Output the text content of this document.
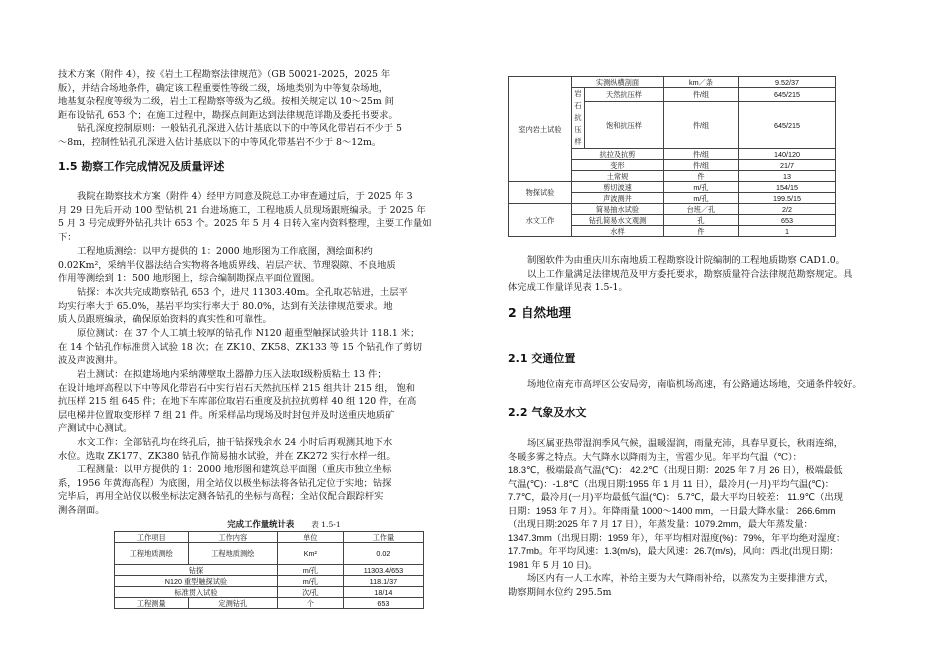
技术方案（附件 4），按《岩土工程勘察法律规范》（GB 50021-2025，2025 年

版），并结合场地条件，确定该工程重要性等级二级，场地类别为中等复杂场地，

地基复杂程度等级为二级，岩土工程勘察等级为乙级。按相关规定以 10～25m 间

距布设钻孔 653 个；在施工过程中，勘探点间距达到法律规范详勘及委托书要求。

钻孔深度控制原则：一般钻孔孔深进入估计基底以下的中等风化带岩石不少于 5

～8m，控制性钻孔孔深进入估计基底以下的中等风化带基岩不少于 8～12m。

1.5 勘察工作完成情况及质量评述

我院在勘察技术方案（附件 4）经甲方同意及院总工办审查通过后，于 2025 年 3

月 29 日先后开动 100 型钻机 21 台进场施工，工程地质人员现场跟班编录。于 2025 年

5 月 3 号完成野外钻孔共计 653 个。2025 年 5 月 4 日转入室内资料整理，主要工作量如

下：

工程地质测绘：以甲方提供的 1：2000 地形图为工作底图，测绘面积约

0.02Km²，采纳半仪器法结合实物将各地质界线、岩层产状、节理裂隙、不良地质

作用等测绘到 1：500 地形图上，综合编制勘探点平面位置图。

钻探：本次共完成勘察钻孔 653 个，进尺 11303.40m。全孔取芯钻进，土层平

均实行率大于 65.0%，基岩平均实行率大于 80.0%，达到有关法律规范要求。地

质人员跟班编录，确保原始资料的真实性和可靠性。

原位测试：在 37 个人工填土较厚的钻孔作 N120 超重型触探试验共计 118.1 米；

在 14 个钻孔作标准贯入试验 18 次；在 ZK10、ZK58、ZK133 等 15 个钻孔作了剪切

波及声波测井。

岩土测试：在拟建场地内采纳薄壁取土器静力压入法取Ⅰ级粉质粘土 13 件；

在设计地坪高程以下中等风化带岩石中实行岩石天然抗压样 215 组共计 215 组， 饱和

抗压样 215 组 645 件；在地下车库部位取岩石重度及抗拉抗剪样 40 组 120 件，在高

层电梯井位置取变形样 7 组 21 件。所采样品均现场及时封包并及时送重庆地质矿

产测试中心测试。

水文工作：全部钻孔均在终孔后，抽干钻探残余水 24 小时后再观测其地下水

水位。选取 ZK177、ZK380 钻孔作简易抽水试验，并在 ZK272 实行水样一组。

工程测量：以甲方提供的 1：2000 地形图和建筑总平面图（重庆市独立坐标

系，1956 年黄海高程）为底图，用全站仪以极坐标法将各钻孔定位于实地；钻探

完毕后，再用全站仪以极坐标法定测各钻孔的坐标与高程；全站仪配合跟踪杆实

测各剖面。

完成工作量统计表 表 1.5-1
工作项目	工作内容	单位	工作量
工程地质测绘	工程地质测绘	Km²	0.02
钻探		m/孔	11303.4/653
N120 重型触探试验		m/孔	118.1/37
标准贯入试验		次/孔	18/14
工程测量	定测钻孔	个	653
室内岩土试验	实测纵横剖面		km／条	9.52/37

	岩石抗压样	天然抗压样	件/组	645/215
		饱和抗压样	件/组	645/215
	抗拉及抗剪		件/组	140/120
	变形		件/组	21/7
	土常规		件	13
物探试验	剪切波速		m/孔	154/15
	声波测井		m/孔	199.5/15
水文工作	简易抽水试验		台班／孔	2/2
	钻孔简易水文观测		孔	653
	水样		件	1

制图软件为由重庆川东南地质工程勘察设计院编制的工程地质勘察 CAD1.0。

以上工作量满足法律规范及甲方委托要求，勘察质量符合法律规范勘察规定。具

体完成工作量详见表 1.5-1。

2 自然地理
2.1 交通位置

场地位南充市高坪区公安局旁，南临机场高速，有公路通达场地，交通条件较好。

2.2 气象及水文

场区属亚热带湿润季风气候，温暖湿润，雨量充沛，具春早夏长，秋雨连绵，

冬暖多雾之特点。大气降水以降雨为主，雪雹少见。年平均气温（℃）：

18.3℃，极端最高气温(℃)： 42.2℃（出现日期：2025 年 7 月 26 日），极端最低

气温(℃)：-1.8℃（出现日期:1955 年 1 月 11 日），最冷月(一月)平均气温(℃)：

7.7℃，最冷月(一月)平均最低气温(℃)： 5.7℃，最大平均日较差： 11.9℃（出现

日期：1953 年 7 月）。年降雨量 1000～1400 mm，一日最大降水量： 266.6mm

（出现日期:2025 年 7 月 17 日），年蒸发量：1079.2mm，最大年蒸发量：

1347.3mm（出现日期：1959 年），年平均相对湿度(%)：79%，年平均绝对湿度：

17.7mb。年平均风速：1.3(m/s)，最大风速：26.7(m/s)，风向：西北(出现日期：

1981 年 5 月 10 日)。

场区内有一人工水库，补给主要为大气降雨补给，以蒸发为主要排泄方式，

勘察期间水位约 295.5m
